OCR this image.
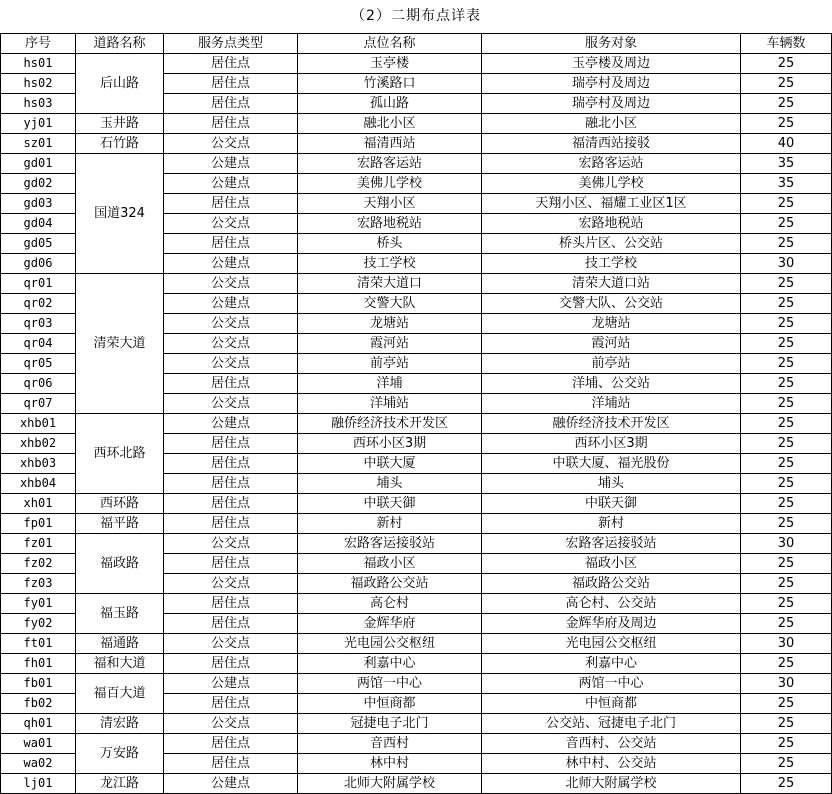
（2）二期布点详表
序号	道路名称	服务点类型	点位名称	服务对象	车辆数
hs01	后山路	居住点	玉亭楼	玉亭楼及周边	25
hs02		居住点	竹溪路口	瑞亭村及周边	25
hs03		居住点	孤山路	瑞亭村及周边	25
yj01	玉井路	居住点	融北小区	融北小区	25
sz01	石竹路	公交点	福清西站	福清西站接驳	40
gd01	国道324	公建点	宏路客运站	宏路客运站	35
gd02		公建点	美佛儿学校	美佛儿学校	35
gd03		居住点	天翔小区	天翔小区、福耀工业区1区	25
gd04		公交点	宏路地税站	宏路地税站	25
gd05		居住点	桥头	桥头片区、公交站	25
gd06		公建点	技工学校	技工学校	30
qr01	清荣大道	公交点	清荣大道口	清荣大道口站	25
qr02		公建点	交警大队	交警大队、公交站	25
qr03		公交点	龙塘站	龙塘站	25
qr04		公交点	霞河站	霞河站	25
qr05		公交点	前亭站	前亭站	25
qr06		居住点	洋埔	洋埔、公交站	25
qr07		公交点	洋埔站	洋埔站	25
xhb01	西环北路	公建点	融侨经济技术开发区	融侨经济技术开发区	25
xhb02		居住点	西环小区3期	西环小区3期	25
xhb03		居住点	中联大厦	中联大厦、福光股份	25
xhb04		居住点	埔头	埔头	25
xh01	西环路	居住点	中联天御	中联天御	25
fp01	福平路	居住点	新村	新村	25
fz01	福政路	公交点	宏路客运接驳站	宏路客运接驳站	30
fz02		居住点	福政小区	福政小区	25
fz03		公交点	福政路公交站	福政路公交站	25
fy01	福玉路	居住点	高仑村	高仑村、公交站	25
fy02		居住点	金辉华府	金辉华府及周边	25
ft01	福通路	公交点	光电园公交枢纽	光电园公交枢纽	30
fh01	福和大道	居住点	利嘉中心	利嘉中心	25
fb01	福百大道	公建点	两馆一中心	两馆一中心	30
fb02		居住点	中恒商都	中恒商都	25
qh01	清宏路	公交点	冠捷电子北门	公交站、冠捷电子北门	25
wa01	万安路	居住点	音西村	音西村、公交站	25
wa02		居住点	林中村	林中村、公交站	25
lj01	龙江路	公建点	北师大附属学校	北师大附属学校	25
